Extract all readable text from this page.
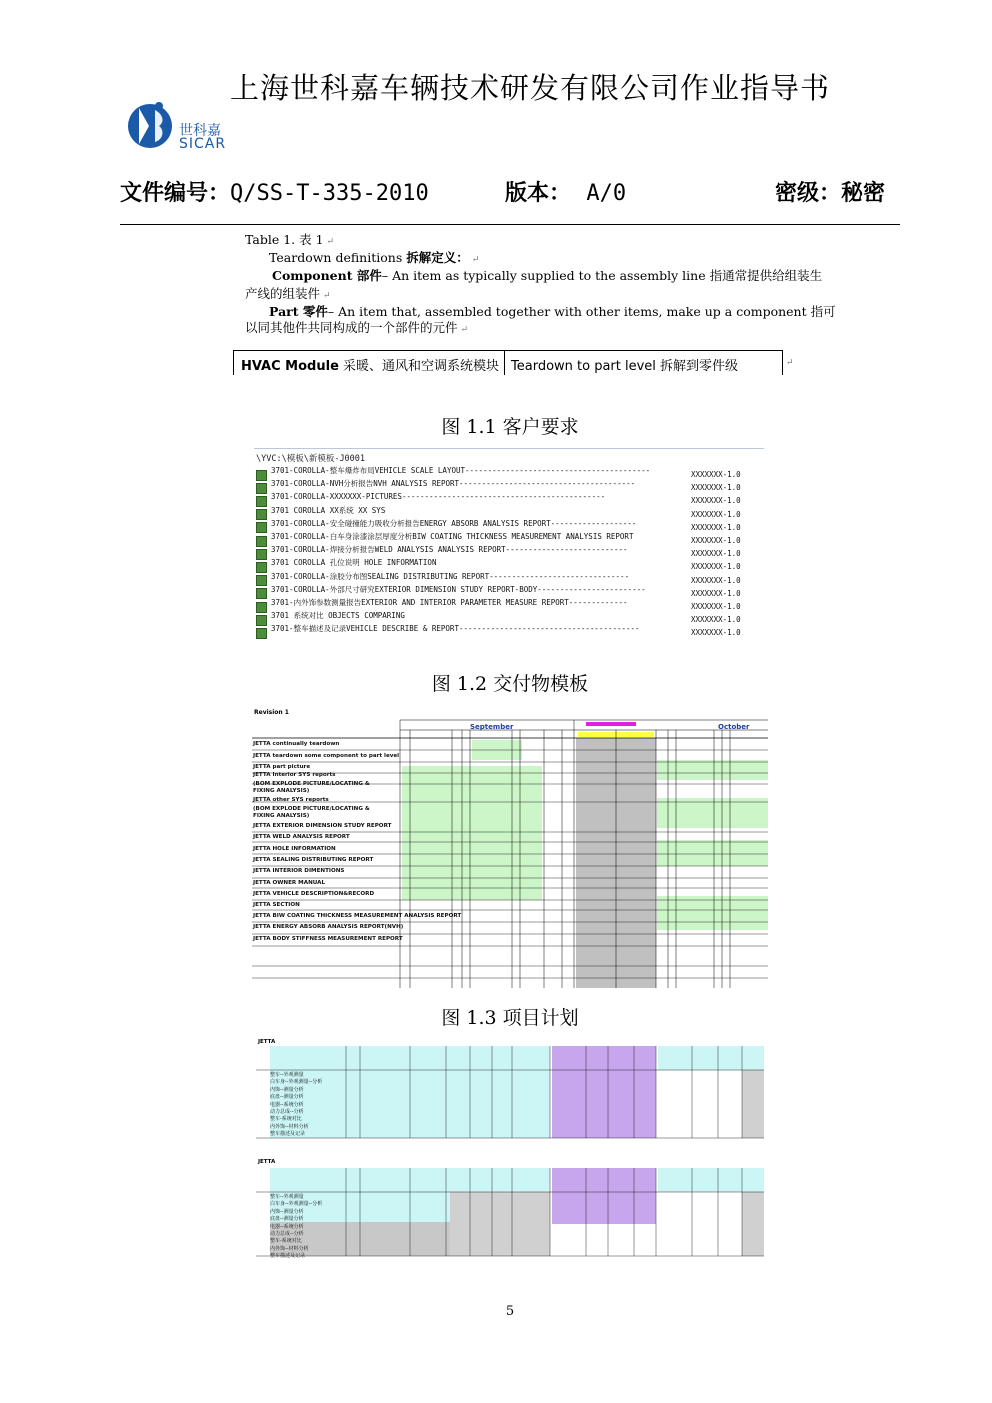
上海世科嘉车辆技术研发有限公司作业指导书
世科嘉
SICAR
文件编号：Q/SS-T-335-2010	版本： A/0	密级：秘密
Table 1. 表 1 ↵
Teardown definitions 拆解定义： ↵
Component 部件– An item as typically supplied to the assembly line 指通常提供给组装生
产线的组装件 ↵
Part 零件– An item that, assembled together with other items, make up a component 指可
以同其他件共同构成的一个部件的元件 ↵
HVAC Module 采暖、通风和空调系统模块 Teardown to part level 拆解到零件级	↵
图 1.1 客户要求
\YVC:\模板\新模板-J0001
3701-COROLLA-整车爆炸布局VEHICLE SCALE LAYOUT-----------------------------------------	XXXXXXX-1.0
3701-COROLLA-NVH分析报告NVH ANALYSIS REPORT---------------------------------------	XXXXXXX-1.0
3701-COROLLA-XXXXXXX-PICTURES---------------------------------------------	XXXXXXX-1.0
3701 COROLLA XX系统 XX SYS	XXXXXXX-1.0
3701-COROLLA-安全碰撞能力吸收分析报告ENERGY ABSORB ANALYSIS REPORT-------------------	XXXXXXX-1.0
3701-COROLLA-白车身涂漆涂层厚度分析BIW COATING THICKNESS MEASUREMENT ANALYSIS REPORT	XXXXXXX-1.0
3701-COROLLA-焊接分析报告WELD ANALYSIS ANALYSIS REPORT---------------------------	XXXXXXX-1.0
3701 COROLLA 孔位说明 HOLE INFORMATION	XXXXXXX-1.0
3701-COROLLA-涂胶分布图SEALING DISTRIBUTING REPORT-------------------------------	XXXXXXX-1.0
3701-COROLLA-外部尺寸研究EXTERIOR DIMENSION STUDY REPORT-BODY------------------------	XXXXXXX-1.0
3701-内外饰参数测量报告EXTERIOR AND INTERIOR PARAMETER MEASURE REPORT-------------	XXXXXXX-1.0
3701 系统对比 OBJECTS COMPARING	XXXXXXX-1.0
3701-整车描述及记录VEHICLE DESCRIBE & REPORT----------------------------------------	XXXXXXX-1.0
图 1.2 交付物模板
Revision 1
September	October
JETTA continually teardown
JETTA teardown some component to part level
JETTA part picture
JETTA Interior SYS reports
(BOM EXPLODE PICTURE/LOCATING &
FIXING ANALYSIS)
JETTA other SYS reports
(BOM EXPLODE PICTURE/LOCATING &
FIXING ANALYSIS)
JETTA EXTERIOR DIMENSION STUDY REPORT
JETTA WELD ANALYSIS REPORT
JETTA HOLE INFORMATION
JETTA SEALING DISTRIBUTING REPORT
JETTA INTERIOR DIMENTIONS
JETTA OWNER MANUAL
JETTA VEHICLE DESCRIPTION&RECORD
JETTA SECTION
JETTA BIW COATING THICKNESS MEASUREMENT ANALYSIS REPORT
JETTA ENERGY ABSORB ANALYSIS REPORT(NVH)
JETTA BODY STIFFNESS MEASUREMENT REPORT
图 1.3 项目计划
JETTA
整车--外观测量
白车身--外观测量--分析
内饰--测量分析
底盘--测量分析
电器--系统分析
动力总成--分析
整车-系统对比
内外饰--材料分析
整车描述及记录
JETTA
整车--外观测量
白车身--外观测量--分析
内饰--测量分析
底盘--测量分析
电器--系统分析
动力总成--分析
整车-系统对比
内外饰--材料分析
整车描述及记录
5
